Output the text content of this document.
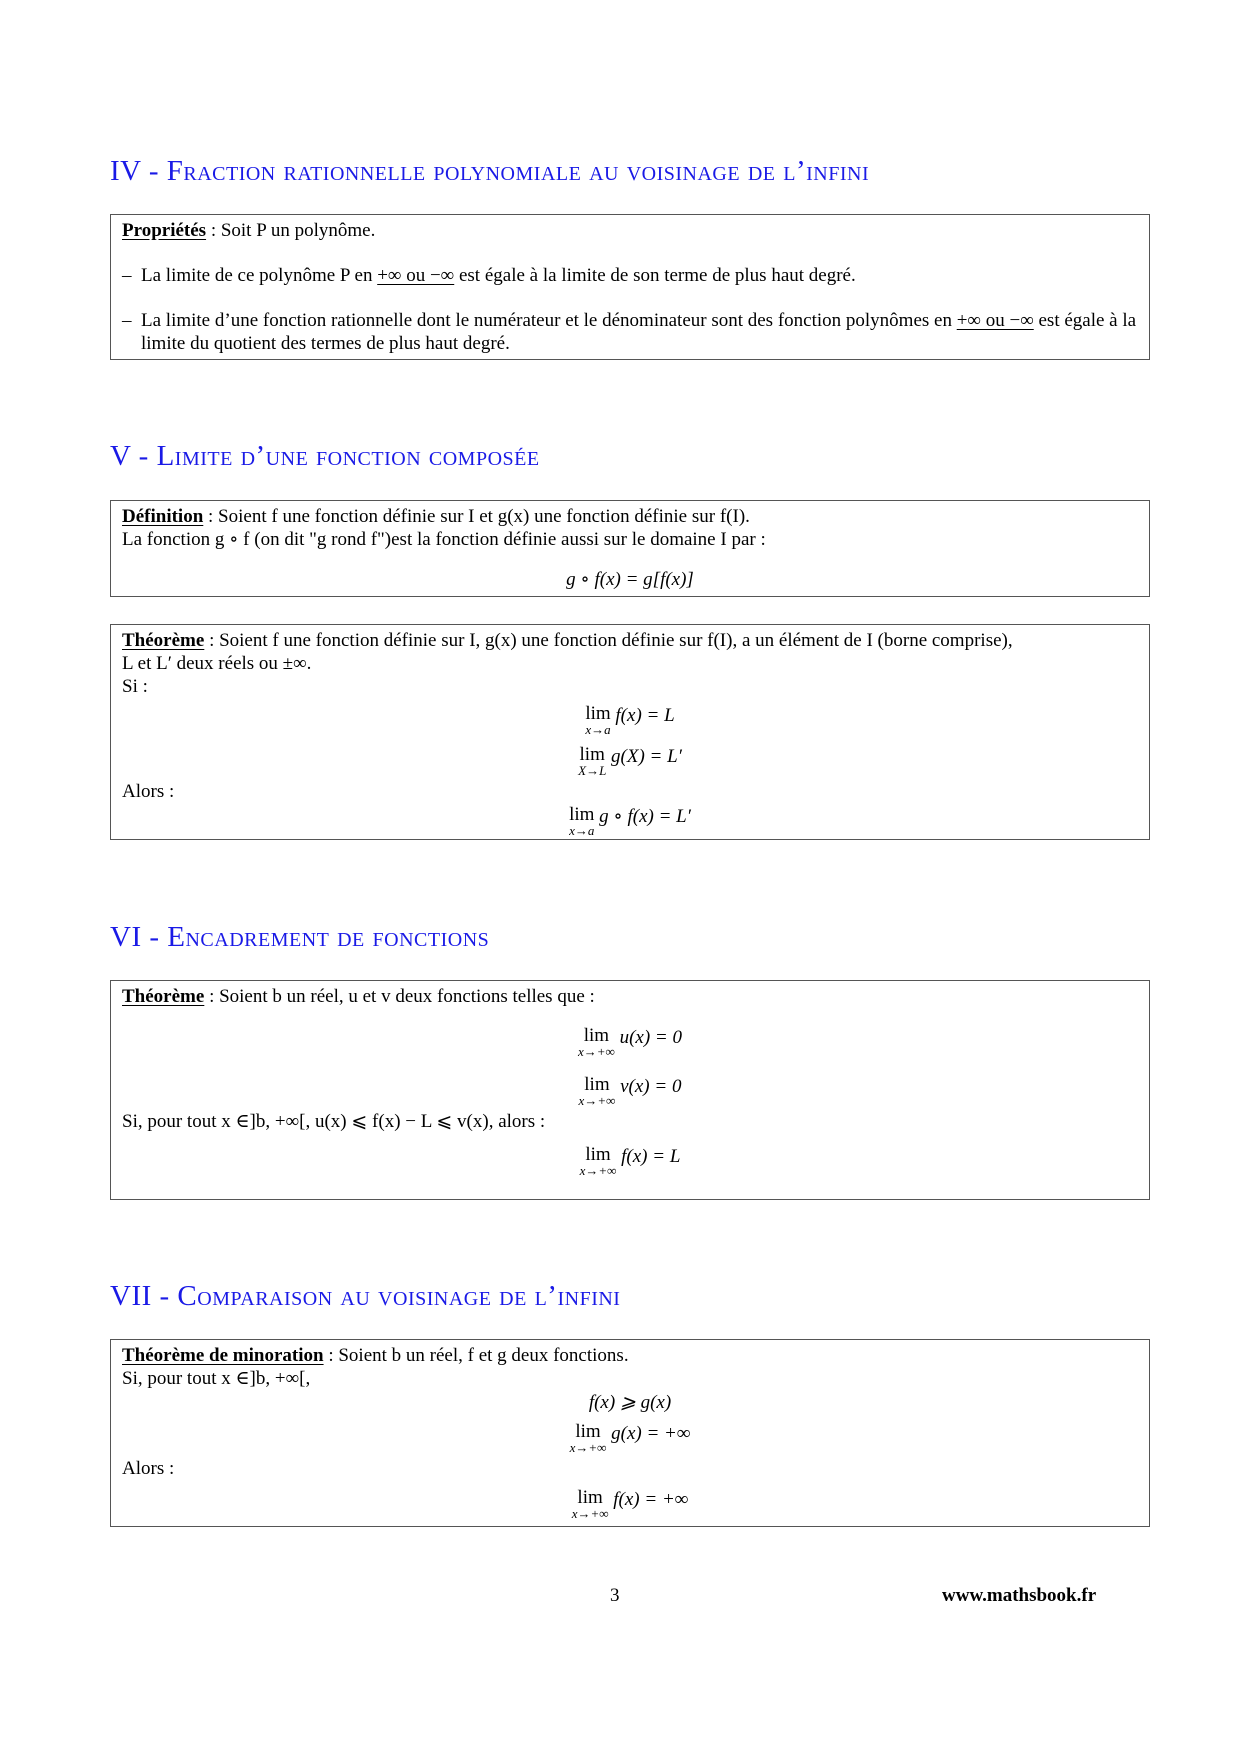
IV - Fraction rationnelle polynomiale au voisinage de l’infini
Propriétés : Soit P un polynôme.
– La limite de ce polynôme P en +∞ ou −∞ est égale à la limite de son terme de plus haut degré.
– La limite d’une fonction rationnelle dont le numérateur et le dénominateur sont des fonction polynômes en +∞ ou −∞ est égale à la limite du quotient des termes de plus haut degré.
V - Limite d’une fonction composée
Définition : Soient f une fonction définie sur I et g(x) une fonction définie sur f(I).
La fonction g ∘ f (on dit "g rond f")est la fonction définie aussi sur le domaine I par :
g ∘ f(x) = g[f(x)]
Théorème : Soient f une fonction définie sur I, g(x) une fonction définie sur f(I), a un élément de I (borne comprise),
L et L′ deux réels ou ±∞.
Si :
lim
x→a
f(x) = L
lim
X→L
g(X) = L′
Alors :
lim
x→a
g ∘ f(x) = L′
VI - Encadrement de fonctions
Théorème : Soient b un réel, u et v deux fonctions telles que :
lim
x→+∞
u(x) = 0
lim
x→+∞
v(x) = 0
Si, pour tout x ∈]b, +∞[, u(x) ⩽ f(x) − L ⩽ v(x), alors :
lim
x→+∞
f(x) = L
VII - Comparaison au voisinage de l’infini
Théorème de minoration : Soient b un réel, f et g deux fonctions.
Si, pour tout x ∈]b, +∞[,
f(x) ⩾ g(x)
lim
x→+∞
g(x) = +∞
Alors :
lim
x→+∞
f(x) = +∞
3	www.mathsbook.fr
